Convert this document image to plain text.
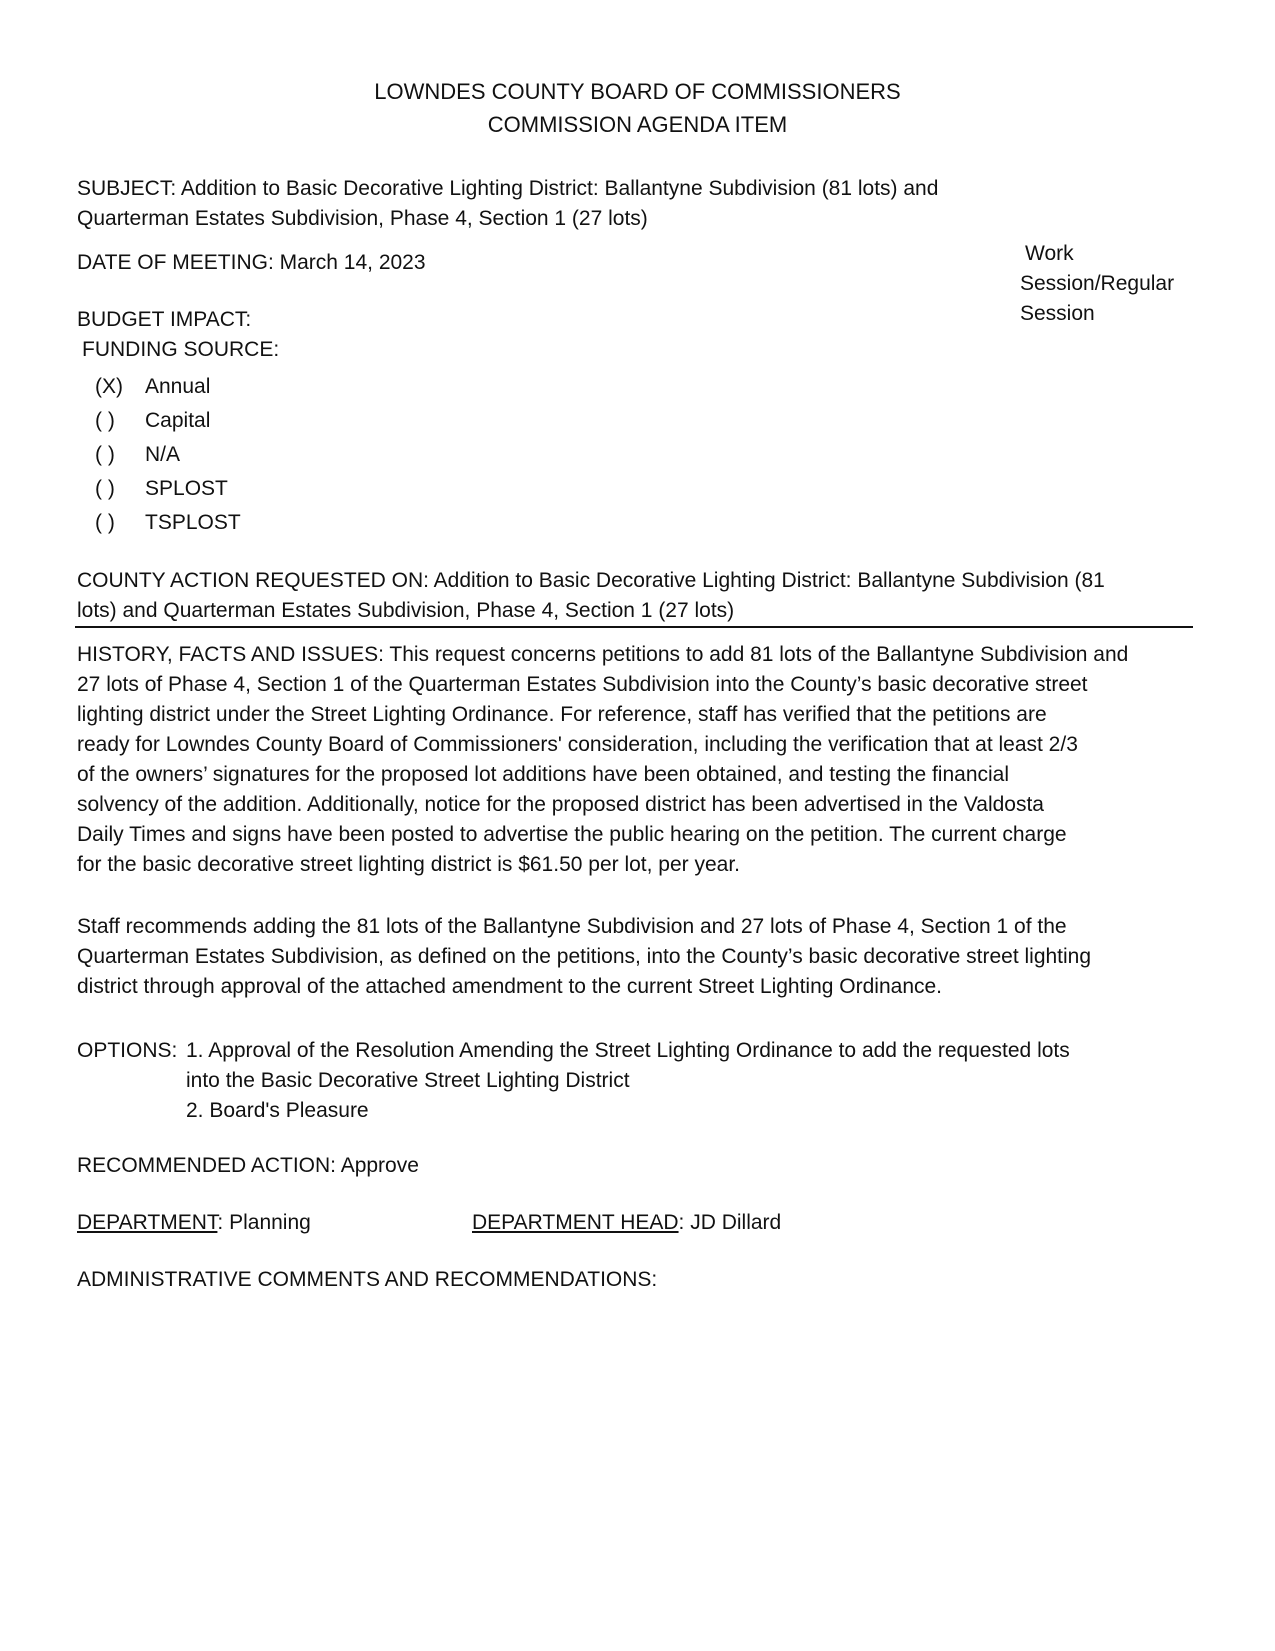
LOWNDES COUNTY BOARD OF COMMISSIONERS
COMMISSION AGENDA ITEM
SUBJECT: Addition to Basic Decorative Lighting District: Ballantyne Subdivision (81 lots) and
Quarterman Estates Subdivision, Phase 4, Section 1 (27 lots)
DATE OF MEETING: March 14, 2023	Work
Session/Regular
Session
BUDGET IMPACT:
FUNDING SOURCE:
(X)	Annual
( )	Capital
( )	N/A
( )	SPLOST
( )	TSPLOST
COUNTY ACTION REQUESTED ON: Addition to Basic Decorative Lighting District: Ballantyne Subdivision (81
lots) and Quarterman Estates Subdivision, Phase 4, Section 1 (27 lots)
HISTORY, FACTS AND ISSUES: This request concerns petitions to add 81 lots of the Ballantyne Subdivision and
27 lots of Phase 4, Section 1 of the Quarterman Estates Subdivision into the County’s basic decorative street
lighting district under the Street Lighting Ordinance. For reference, staff has verified that the petitions are
ready for Lowndes County Board of Commissioners' consideration, including the verification that at least 2/3
of the owners’ signatures for the proposed lot additions have been obtained, and testing the financial
solvency of the addition. Additionally, notice for the proposed district has been advertised in the Valdosta
Daily Times and signs have been posted to advertise the public hearing on the petition. The current charge
for the basic decorative street lighting district is $61.50 per lot, per year.
Staff recommends adding the 81 lots of the Ballantyne Subdivision and 27 lots of Phase 4, Section 1 of the
Quarterman Estates Subdivision, as defined on the petitions, into the County’s basic decorative street lighting
district through approval of the attached amendment to the current Street Lighting Ordinance.
OPTIONS: 1. Approval of the Resolution Amending the Street Lighting Ordinance to add the requested lots
into the Basic Decorative Street Lighting District
2. Board's Pleasure
RECOMMENDED ACTION: Approve
DEPARTMENT: Planning	DEPARTMENT HEAD: JD Dillard
ADMINISTRATIVE COMMENTS AND RECOMMENDATIONS:
